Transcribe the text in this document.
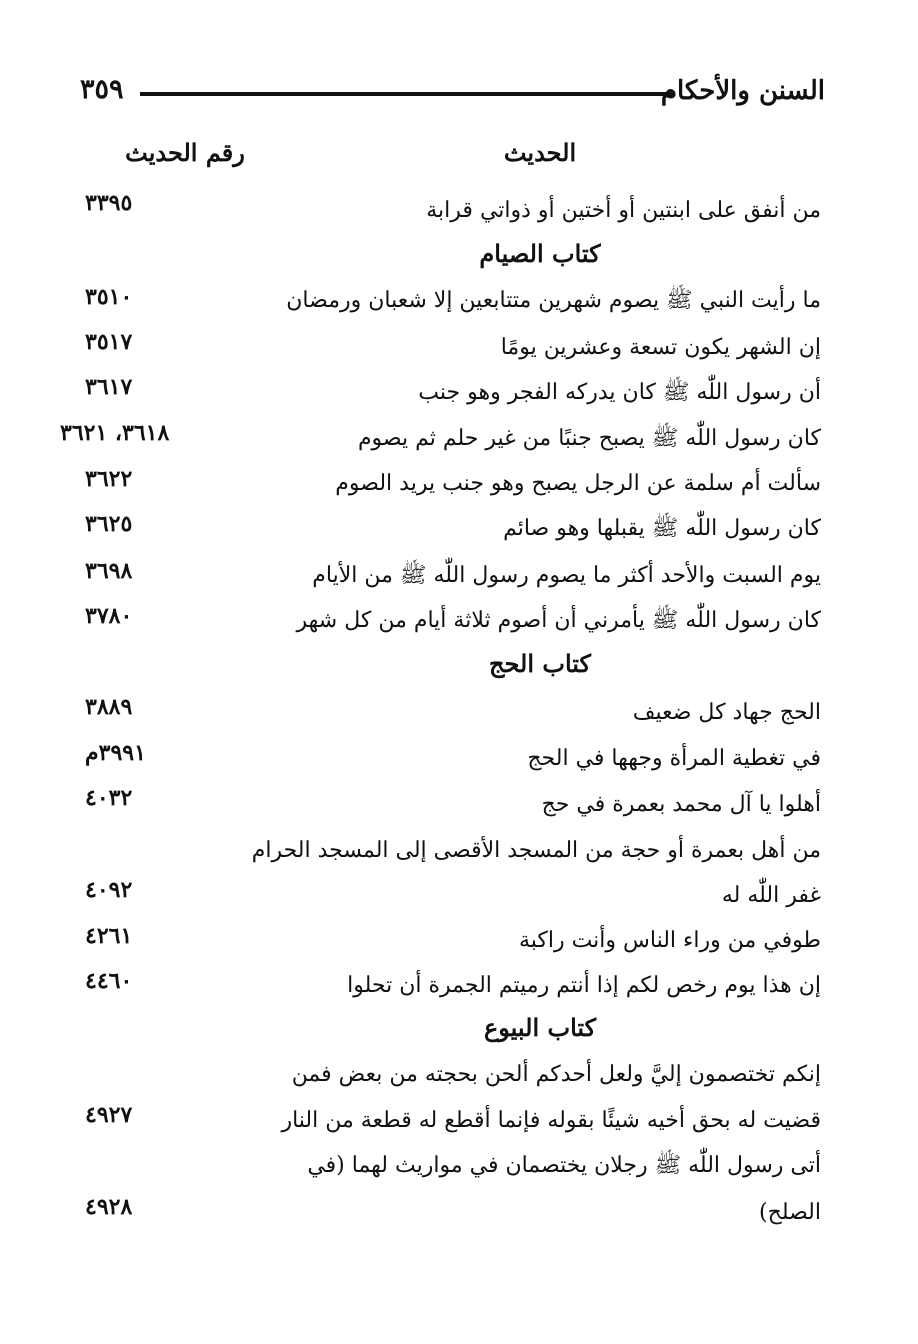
السنن والأحكام
٣٥٩
الحديث
رقم الحديث
من أنفق على ابنتين أو أختين أو ذواتي قرابة
٣٣٩٥
كتاب الصيام
ما رأيت النبي ﷺ يصوم شهرين متتابعين إلا شعبان ورمضان
٣٥١٠
إن الشهر يكون تسعة وعشرين يومًا
٣٥١٧
أن رسول اللّٰه ﷺ كان يدركه الفجر وهو جنب
٣٦١٧
كان رسول اللّٰه ﷺ يصبح جنبًا من غير حلم ثم يصوم
٣٦١٨، ٣٦٢١
سألت أم سلمة عن الرجل يصبح وهو جنب يريد الصوم
٣٦٢٢
كان رسول اللّٰه ﷺ يقبلها وهو صائم
٣٦٢٥
يوم السبت والأحد أكثر ما يصوم رسول اللّٰه ﷺ من الأيام
٣٦٩٨
كان رسول اللّٰه ﷺ يأمرني أن أصوم ثلاثة أيام من كل شهر
٣٧٨٠
كتاب الحج
الحج جهاد كل ضعيف
٣٨٨٩
في تغطية المرأة وجهها في الحج
٣٩٩١م
أهلوا يا آل محمد بعمرة في حج
٤٠٣٢
من أهل بعمرة أو حجة من المسجد الأقصى إلى المسجد الحرام
غفر اللّٰه له
٤٠٩٢
طوفي من وراء الناس وأنت راكبة
٤٢٦١
إن هذا يوم رخص لكم إذا أنتم رميتم الجمرة أن تحلوا
٤٤٦٠
كتاب البيوع
إنكم تختصمون إليَّ ولعل أحدكم ألحن بحجته من بعض فمن
قضيت له بحق أخيه شيئًا بقوله فإنما أقطع له قطعة من النار
٤٩٢٧
أتى رسول اللّٰه ﷺ رجلان يختصمان في مواريث لهما (في
الصلح)
٤٩٢٨
